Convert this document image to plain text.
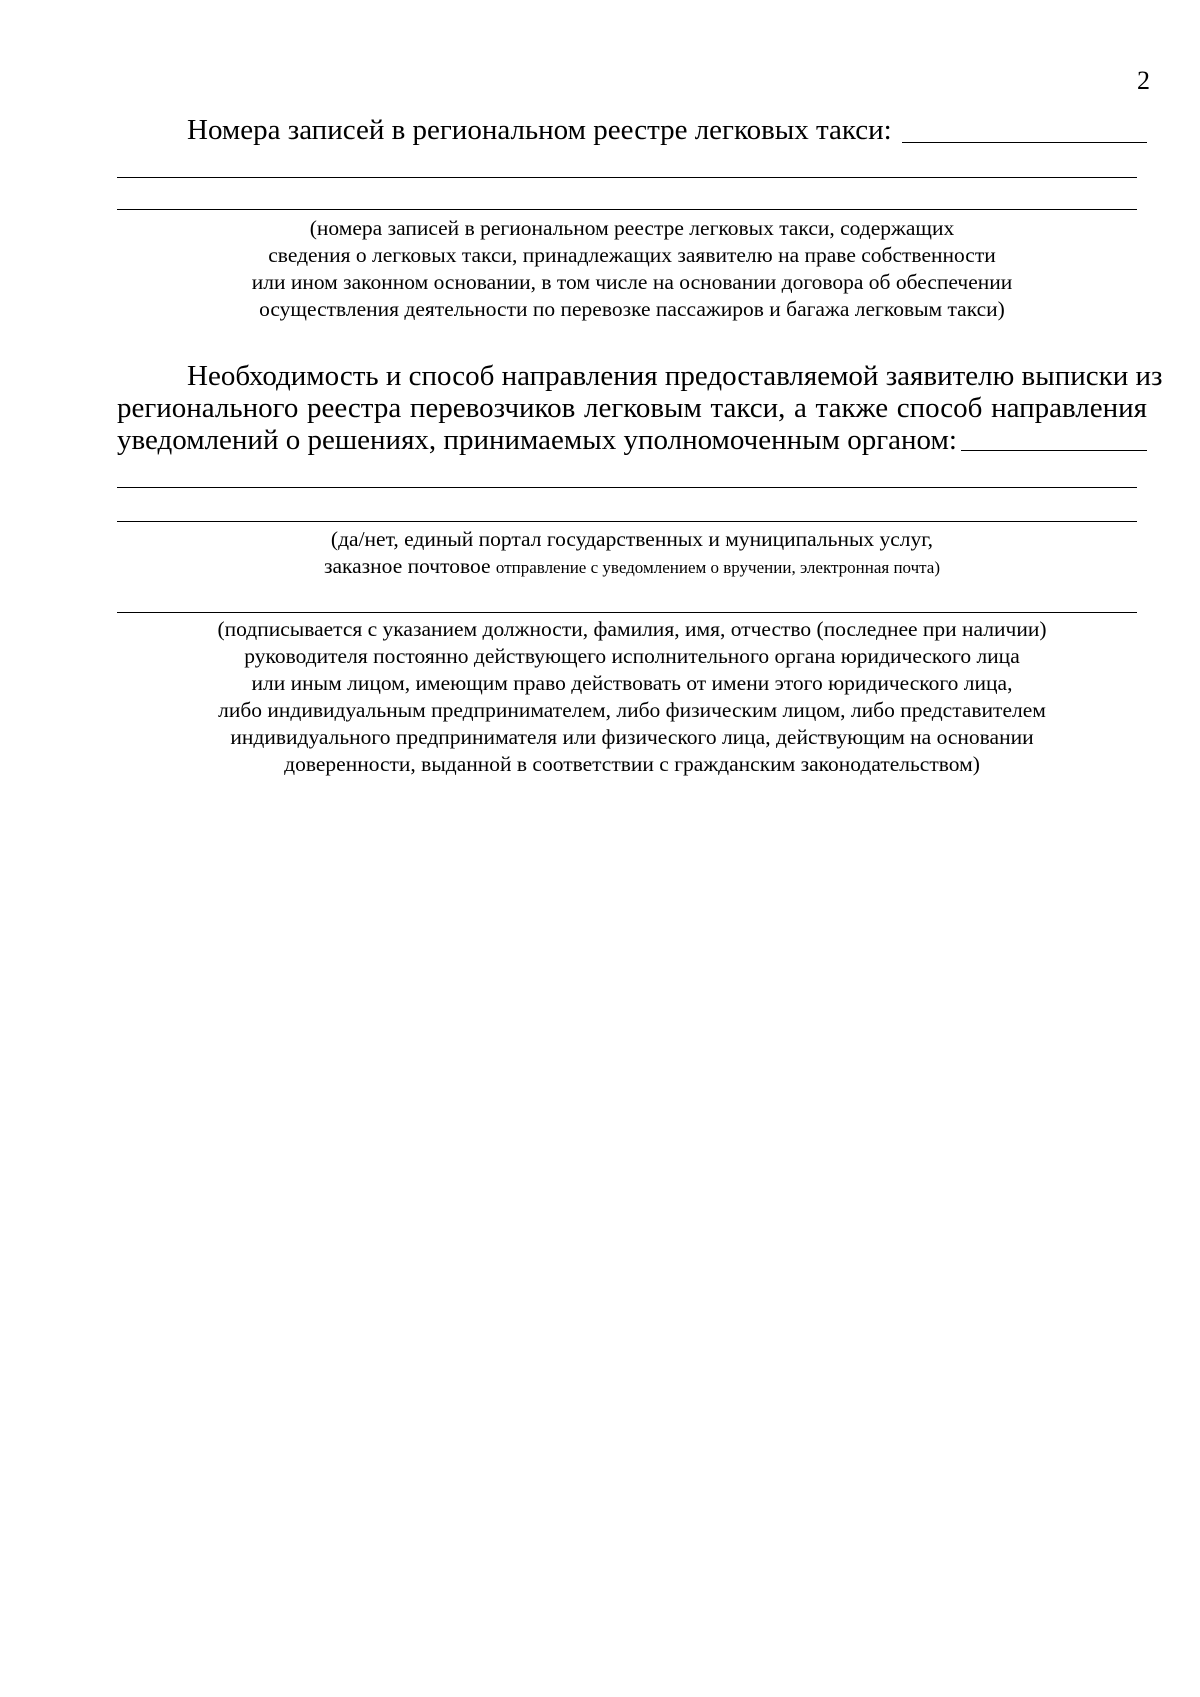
2
Номера записей в региональном реестре легковых такси:
(номера записей в региональном реестре легковых такси, содержащих
сведения о легковых такси, принадлежащих заявителю на праве собственности
или ином законном основании, в том числе на основании договора об обеспечении
осуществления деятельности по перевозке пассажиров и багажа легковым такси)
Необходимость и способ направления предоставляемой заявителю выписки из
регионального реестра перевозчиков легковым такси, а также способ направления
уведомлений о решениях, принимаемых уполномоченным органом:
(да/нет, единый портал государственных и муниципальных услуг,
заказное почтовое отправление с уведомлением о вручении, электронная почта)
(подписывается с указанием должности, фамилия, имя, отчество (последнее при наличии)
руководителя постоянно действующего исполнительного органа юридического лица
или иным лицом, имеющим право действовать от имени этого юридического лица,
либо индивидуальным предпринимателем, либо физическим лицом, либо представителем
индивидуального предпринимателя или физического лица, действующим на основании
доверенности, выданной в соответствии с гражданским законодательством)
